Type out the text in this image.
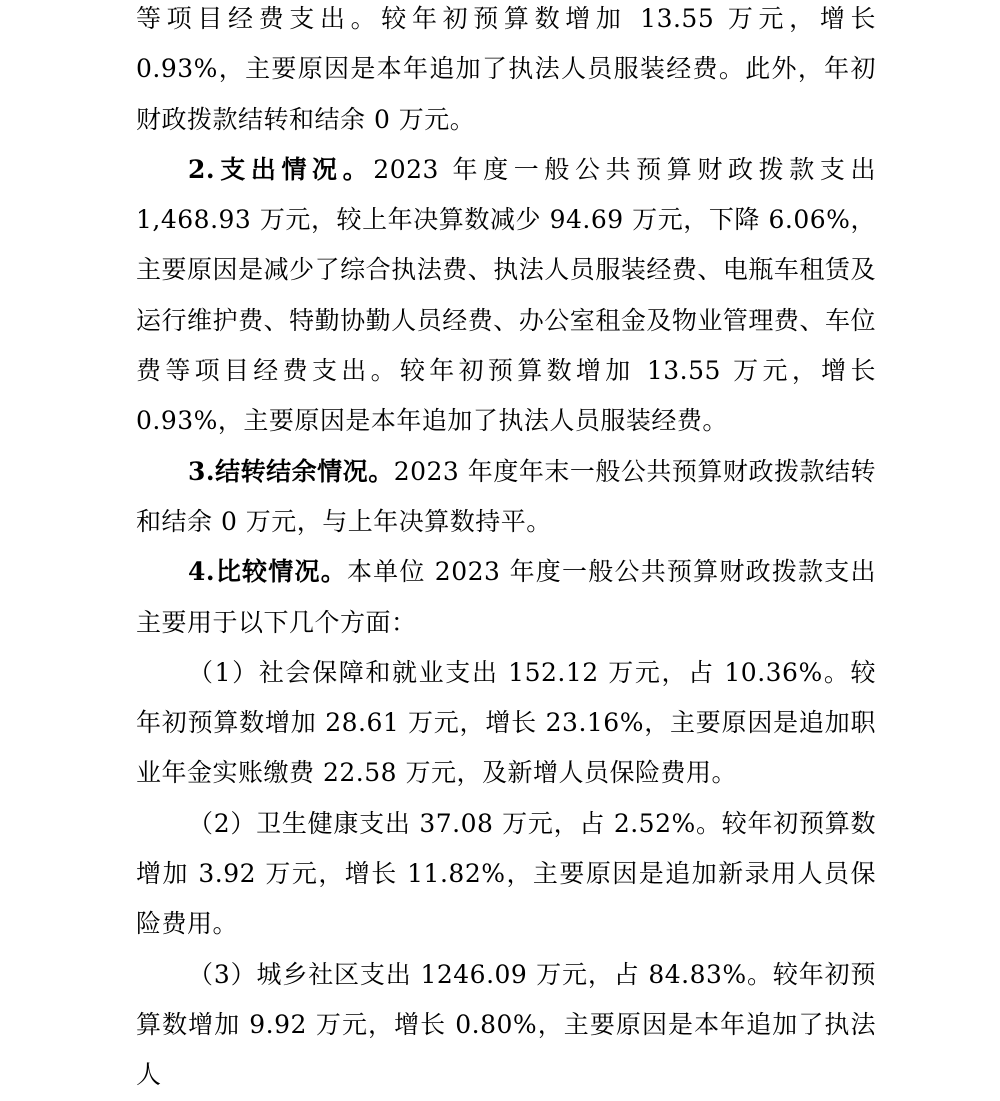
等项目经费支出。较年初预算数增加 13.55 万元，增长 0.93%，主要原因是本年追加了执法人员服装经费。此外，年初财政拨款结转和结余 0 万元。

2.支出情况。2023 年度一般公共预算财政拨款支出 1,468.93 万元，较上年决算数减少 94.69 万元，下降 6.06%，主要原因是减少了综合执法费、执法人员服装经费、电瓶车租赁及运行维护费、特勤协勤人员经费、办公室租金及物业管理费、车位费等项目经费支出。较年初预算数增加 13.55 万元，增长 0.93%，主要原因是本年追加了执法人员服装经费。

3.结转结余情况。2023 年度年末一般公共预算财政拨款结转和结余 0 万元，与上年决算数持平。

4.比较情况。本单位 2023 年度一般公共预算财政拨款支出主要用于以下几个方面：

（1）社会保障和就业支出 152.12 万元，占 10.36%。较年初预算数增加 28.61 万元，增长 23.16%，主要原因是追加职业年金实账缴费 22.58 万元，及新增人员保险费用。

（2）卫生健康支出 37.08 万元，占 2.52%。较年初预算数增加 3.92 万元，增长 11.82%，主要原因是追加新录用人员保险费用。

（3）城乡社区支出 1246.09 万元，占 84.83%。较年初预算数增加 9.92 万元，增长 0.80%，主要原因是本年追加了执法人
